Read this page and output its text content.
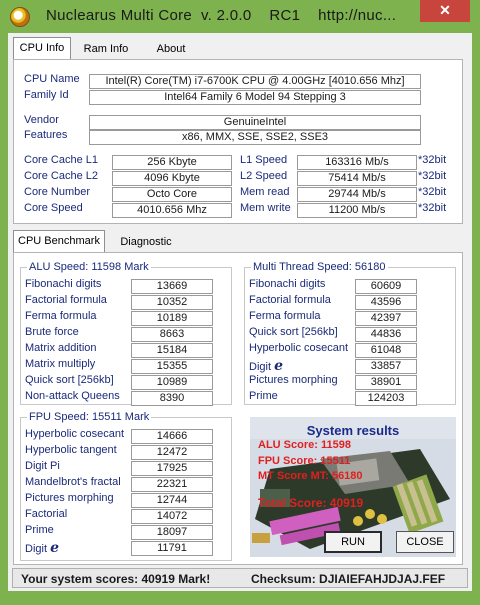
Nuclearus Multi Core  v. 2.0.0    RC1    http://nuc...	✕
CPU Info	Ram Info	About
CPU Name	Intel(R) Core(TM) i7-6700K CPU @ 4.00GHz [4010.656 Mhz]
Family Id	Intel64 Family 6 Model 94 Stepping 3
Vendor	GenuineIntel
Features	x86, MMX, SSE, SSE2, SSE3
Core Cache L1	256 Kbyte
Core Cache L2	4096 Kbyte
Core Number	Octo Core
Core Speed	4010.656 Mhz
L1 Speed	163316 Mb/s	*32bit
L2 Speed	75414 Mb/s	*32bit
Mem read	29744 Mb/s	*32bit
Mem write	11200 Mb/s	*32bit
CPU Benchmark	Diagnostic
ALU Speed: 11598 Mark
Fibonachi digits	13669
Factorial formula	10352
Ferma formula	10189
Brute force	8663
Matrix addition	15184
Matrix multiply	15355
Quick sort [256kb]	10989
Non-attack Queens	8390
Multi Thread Speed: 56180
Fibonachi digits	60609
Factorial formula	43596
Ferma formula	42397
Quick sort [256kb]	44836
Hyperbolic cosecant	61048
Digit e	33857
Pictures morphing	38901
Prime	124203
FPU Speed: 15511 Mark
Hyperbolic cosecant	14666
Hyperbolic tangent	12472
Digit Pi	17925
Mandelbrot's fractal	22321
Pictures morphing	12744
Factorial	14072
Prime	18097
Digit e	11791
System results
ALU Score: 11598
FPU Score: 15511
MT Score MT: 56180
Total Score: 40919
RUN	CLOSE
Your system scores: 40919 Mark!	Checksum: DJIAIEFAHJDJAJ.FEF
